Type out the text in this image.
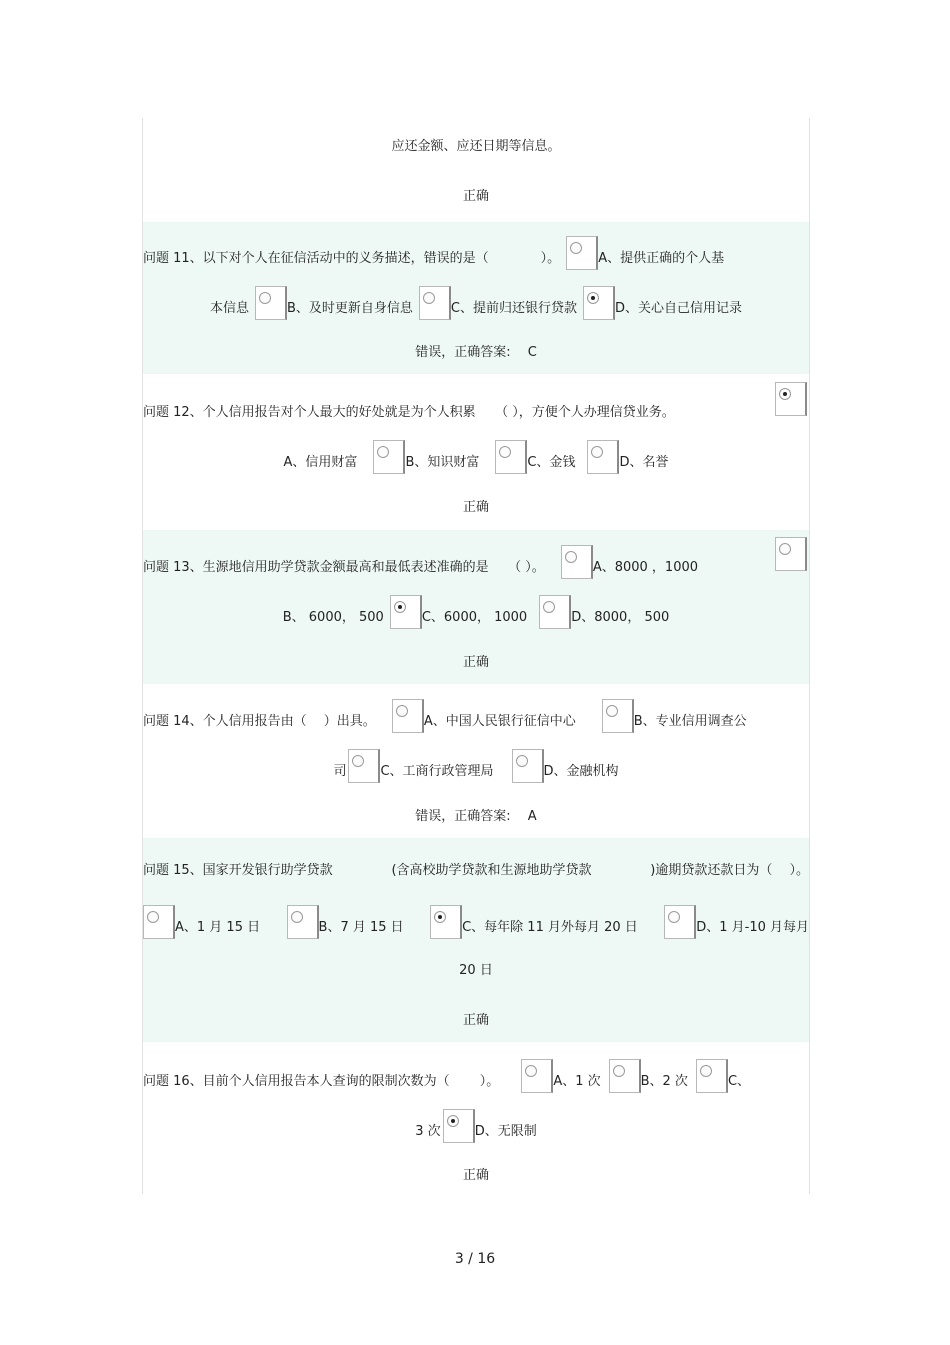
应还金额、应还日期等信息。
正确
问题 11、以下对个人在征信活动中的义务描述，错误的是（　　　　）。	A、提供正确的个人基
本信息	B、及时更新自身信息	C、提前归还银行贷款	D、关心自己信用记录
错误，正确答案:　 C
问题 12、个人信用报告对个人最大的好处就是为个人积累　　（ ），方便个人办理信贷业务。
A、信用财富	B、知识财富	C、金钱	D、名誉
正确
问题 13、生源地信用助学贷款金额最高和最低表述准确的是　　（ ）。	A、8000 ，1000
B、 6000， 500	C、6000， 1000	D、8000， 500
正确
问题 14、个人信用报告由（　 ）出具。	A、中国人民银行征信中心	B、专业信用调查公
司	C、工商行政管理局	D、金融机构
错误，正确答案:　 A
问题 15、国家开发银行助学贷款	(含高校助学贷款和生源地助学贷款	)逾期贷款还款日为（　 ）。
A、1 月 15 日	B、7 月 15 日	C、每年除 11 月外每月 20 日	D、1 月-10 月每月
20 日
正确
问题 16、目前个人信用报告本人查询的限制次数为（　　 ）。	A、1 次	B、2 次	C、
3 次	D、无限制
正确
3 / 16
